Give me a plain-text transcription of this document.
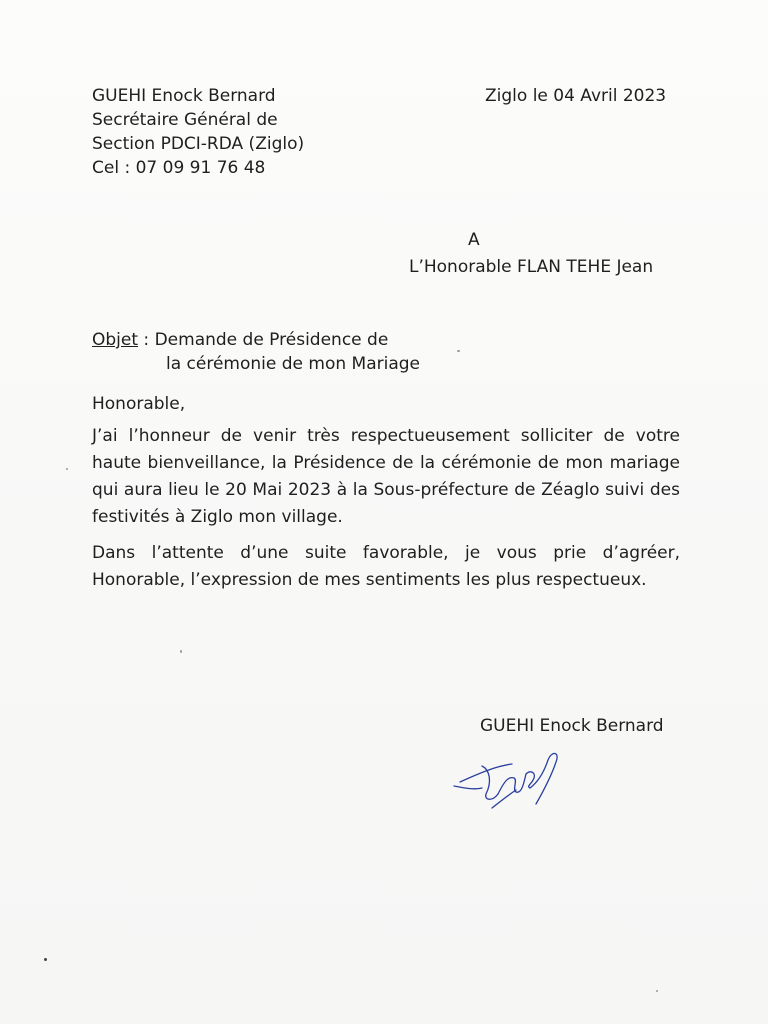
GUEHI Enock Bernard
Secrétaire Général de
Section PDCI-RDA (Ziglo)
Cel : 07 09 91 76 48
Ziglo le 04 Avril 2023
A
L’Honorable FLAN TEHE Jean
Objet : Demande de Présidence de
la cérémonie de mon Mariage
Honorable,
J’ai l’honneur de venir très respectueusement solliciter de votre haute bienveillance, la Présidence de la cérémonie de mon mariage qui aura lieu le 20 Mai 2023 à la Sous-préfecture de Zéaglo suivi des festivités à Ziglo mon village.
Dans l’attente d’une suite favorable, je vous prie d’agréer, Honorable, l’expression de mes sentiments les plus respectueux.
GUEHI Enock Bernard
